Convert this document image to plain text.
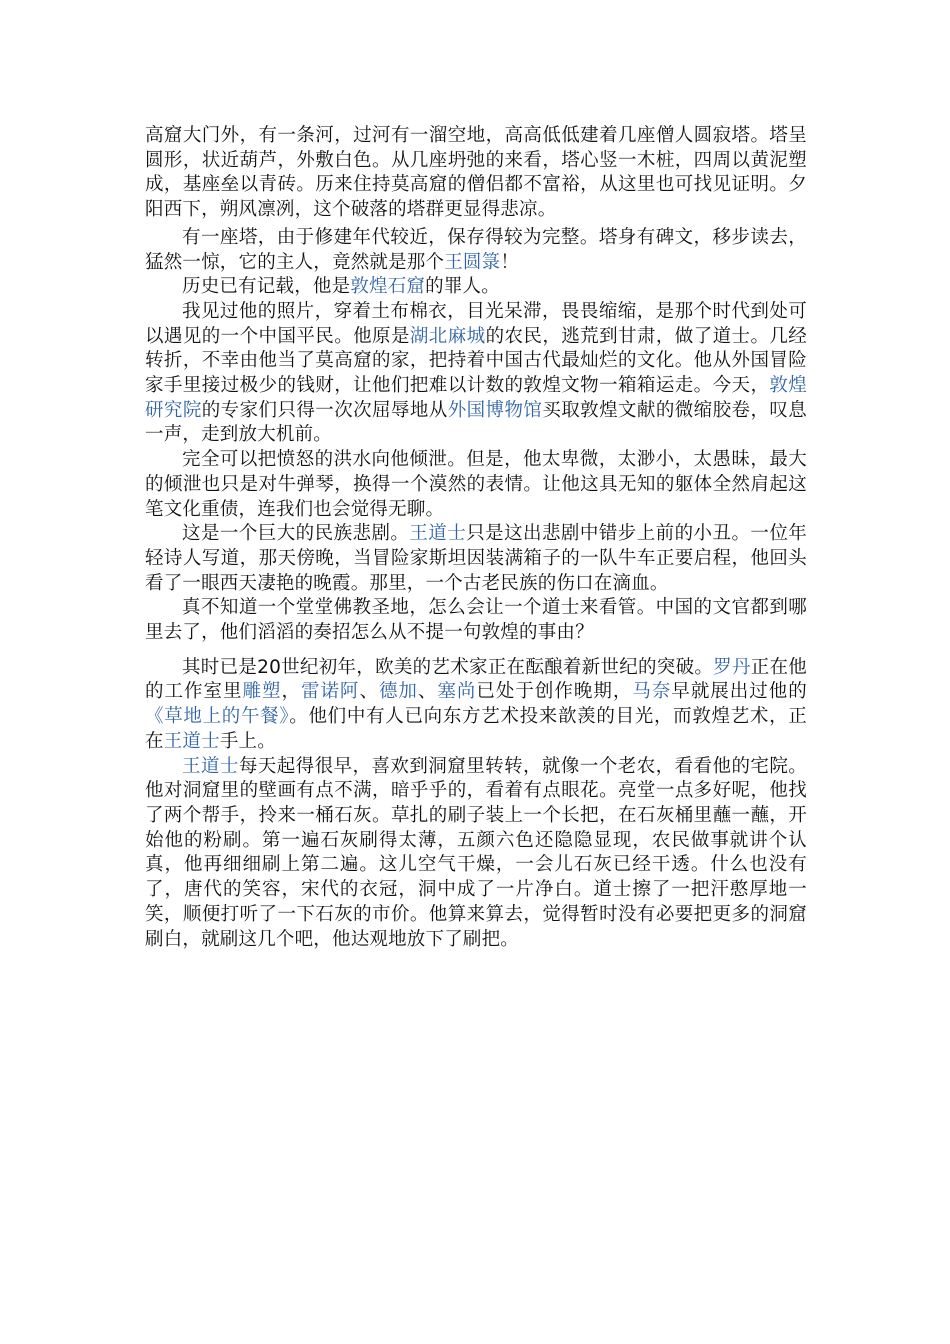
高窟大门外，有一条河，过河有一溜空地，高高低低建着几座僧人圆寂塔。塔呈圆形，状近葫芦，外敷白色。从几座坍弛的来看，塔心竖一木桩，四周以黄泥塑成，基座垒以青砖。历来住持莫高窟的僧侣都不富裕，从这里也可找见证明。夕阳西下，朔风凛冽，这个破落的塔群更显得悲凉。

有一座塔，由于修建年代较近，保存得较为完整。塔身有碑文，移步读去，猛然一惊，它的主人，竟然就是那个王圆箓！

历史已有记载，他是敦煌石窟的罪人。

我见过他的照片，穿着土布棉衣，目光呆滞，畏畏缩缩，是那个时代到处可以遇见的一个中国平民。他原是湖北麻城的农民，逃荒到甘肃，做了道士。几经转折，不幸由他当了莫高窟的家，把持着中国古代最灿烂的文化。他从外国冒险家手里接过极少的钱财，让他们把难以计数的敦煌文物一箱箱运走。今天，敦煌研究院的专家们只得一次次屈辱地从外国博物馆买取敦煌文献的微缩胶卷，叹息一声，走到放大机前。

完全可以把愤怒的洪水向他倾泄。但是，他太卑微，太渺小，太愚昧，最大的倾泄也只是对牛弹琴，换得一个漠然的表情。让他这具无知的躯体全然肩起这笔文化重债，连我们也会觉得无聊。

这是一个巨大的民族悲剧。王道士只是这出悲剧中错步上前的小丑。一位年轻诗人写道，那天傍晚，当冒险家斯坦因装满箱子的一队牛车正要启程，他回头看了一眼西天凄艳的晚霞。那里，一个古老民族的伤口在滴血。

真不知道一个堂堂佛教圣地，怎么会让一个道士来看管。中国的文官都到哪里去了，他们滔滔的奏招怎么从不提一句敦煌的事由？

其时已是20世纪初年，欧美的艺术家正在酝酿着新世纪的突破。罗丹正在他的工作室里雕塑，雷诺阿、德加、塞尚已处于创作晚期，马奈早就展出过他的《草地上的午餐》。他们中有人已向东方艺术投来歆羡的目光，而敦煌艺术，正在王道士手上。

王道士每天起得很早，喜欢到洞窟里转转，就像一个老农，看看他的宅院。他对洞窟里的壁画有点不满，暗乎乎的，看着有点眼花。亮堂一点多好呢，他找了两个帮手，拎来一桶石灰。草扎的刷子装上一个长把，在石灰桶里蘸一蘸，开始他的粉刷。第一遍石灰刷得太薄，五颜六色还隐隐显现，农民做事就讲个认真，他再细细刷上第二遍。这儿空气干燥，一会儿石灰已经干透。什么也没有了，唐代的笑容，宋代的衣冠，洞中成了一片净白。道士擦了一把汗憨厚地一笑，顺便打听了一下石灰的市价。他算来算去，觉得暂时没有必要把更多的洞窟刷白，就刷这几个吧，他达观地放下了刷把。
